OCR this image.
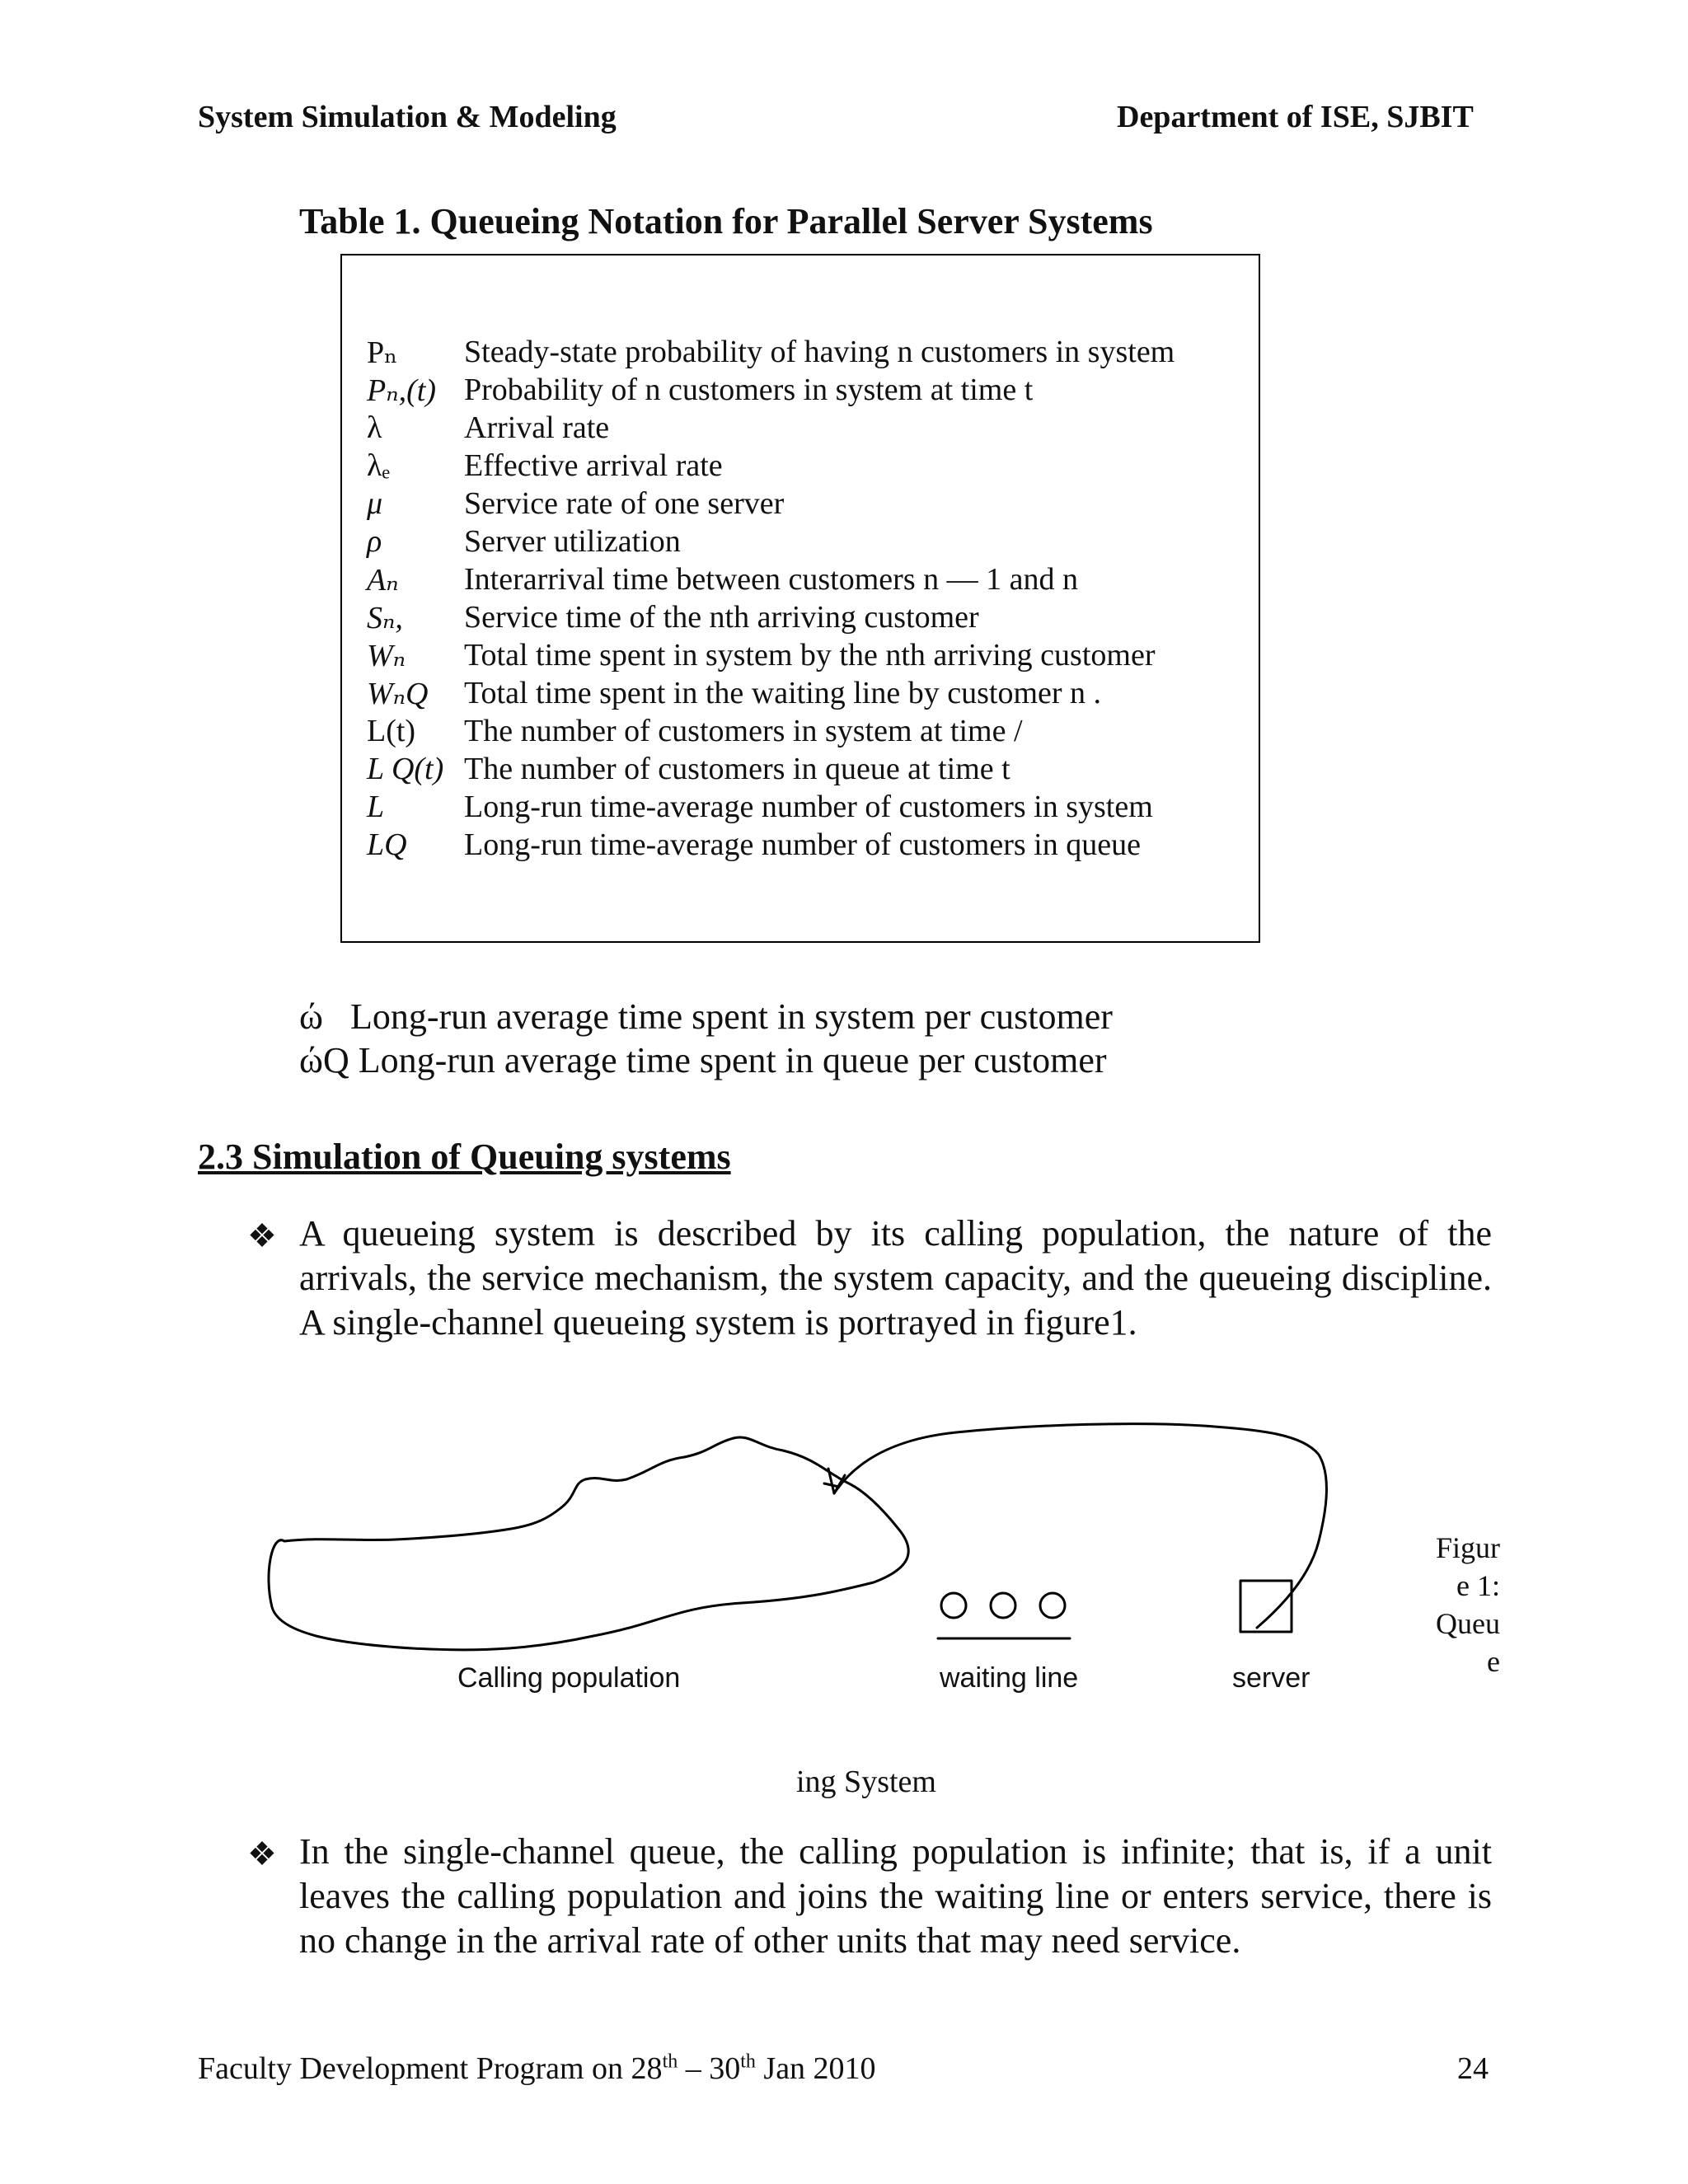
System Simulation & Modeling	Department of ISE, SJBIT
Table 1. Queueing Notation for Parallel Server Systems
Pₙ Steady-state probability of having n customers in system
Pₙ,(t) Probability of n customers in system at time t
λ	Arrival rate
λₑ Effective arrival rate
μ	Service rate of one server
ρ	Server utilization
Aₙ Interarrival time between customers n — 1 and n
Sₙ, Service time of the nth arriving customer
Wₙ Total time spent in system by the nth arriving customer
WₙQ Total time spent in the waiting line by customer n .
L(t) The number of customers in system at time /
L Q(t) The number of customers in queue at time t
L	Long-run time-average number of customers in system
LQ Long-run time-average number of customers in queue
ώ Long-run average time spent in system per customer
ώQ Long-run average time spent in queue per customer
2.3 Simulation of Queuing systems
❖ A queueing system is described by its calling population, the nature of the arrivals, the service mechanism, the system capacity, and the queueing discipline. A single-channel queueing system is portrayed in figure1.
Calling population	waiting line	server
Figure 1: Queue
ing System
❖ In the single-channel queue, the calling population is infinite; that is, if a unit leaves the calling population and joins the waiting line or enters service, there is no change in the arrival rate of other units that may need service.
Faculty Development Program on 28th – 30th Jan 2010	24
